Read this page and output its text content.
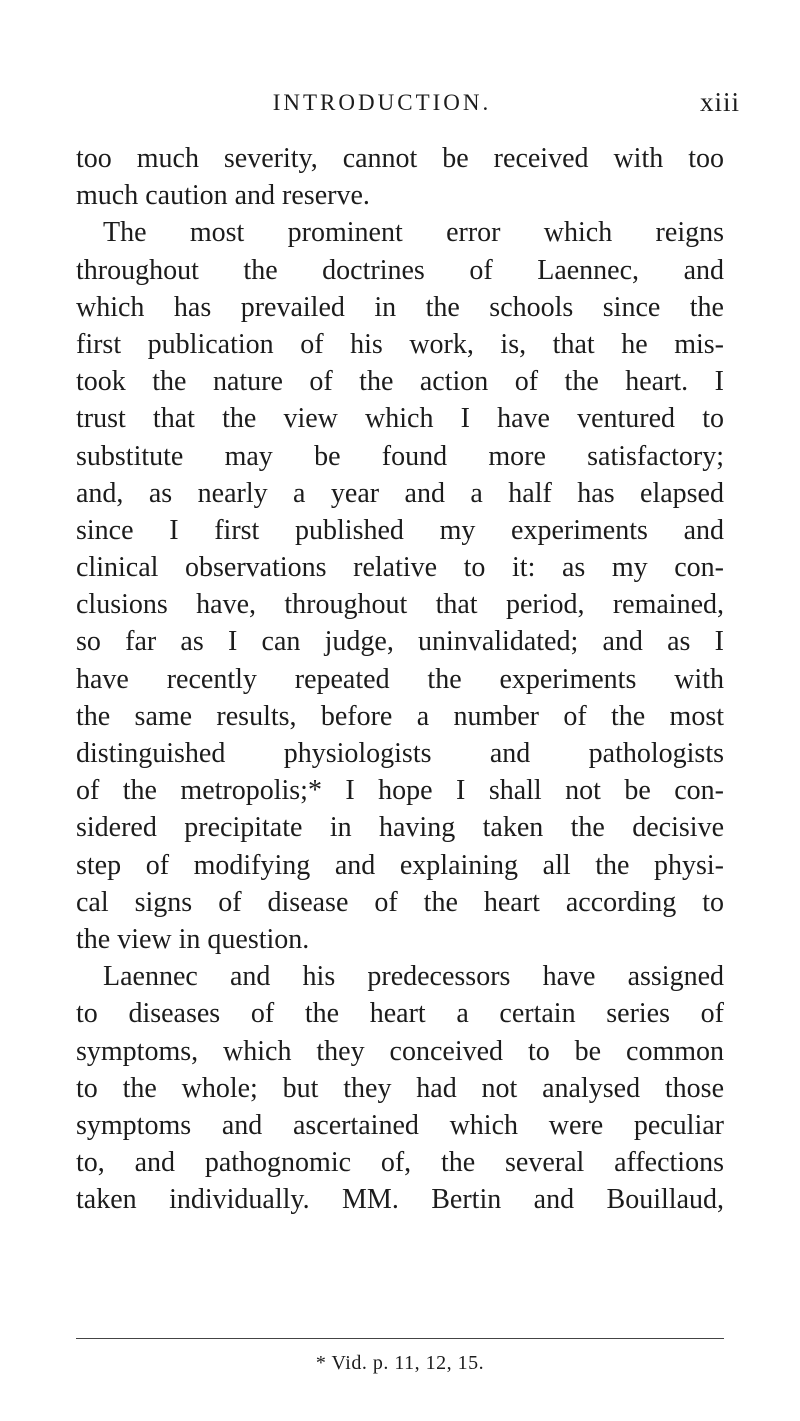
INTRODUCTION.	xiii
too much severity, cannot be received with too
much caution and reserve.
The most prominent error which reigns
throughout the doctrines of Laennec, and
which has prevailed in the schools since the
first publication of his work, is, that he mis-
took the nature of the action of the heart. I
trust that the view which I have ventured to
substitute may be found more satisfactory;
and, as nearly a year and a half has elapsed
since I first published my experiments and
clinical observations relative to it: as my con-
clusions have, throughout that period, remained,
so far as I can judge, uninvalidated; and as I
have recently repeated the experiments with
the same results, before a number of the most
distinguished physiologists and pathologists
of the metropolis;* I hope I shall not be con-
sidered precipitate in having taken the decisive
step of modifying and explaining all the physi-
cal signs of disease of the heart according to
the view in question.
Laennec and his predecessors have assigned
to diseases of the heart a certain series of
symptoms, which they conceived to be common
to the whole; but they had not analysed those
symptoms and ascertained which were peculiar
to, and pathognomic of, the several affections
taken individually. MM. Bertin and Bouillaud,
* Vid. p. 11, 12, 15.
